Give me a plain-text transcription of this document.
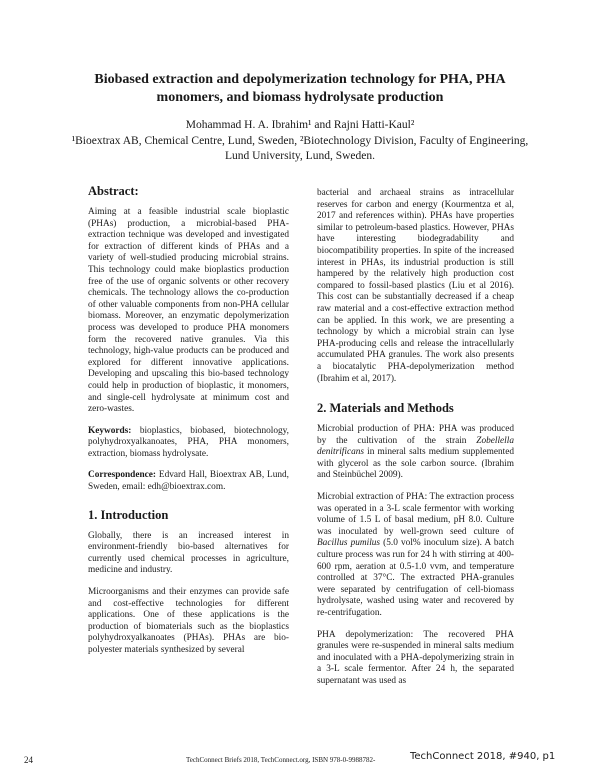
Biobased extraction and depolymerization technology for PHA, PHA monomers, and biomass hydrolysate production
Mohammad H. A. Ibrahim¹ and Rajni Hatti-Kaul²
¹Bioextrax AB, Chemical Centre, Lund, Sweden, ²Biotechnology Division, Faculty of Engineering, Lund University, Lund, Sweden.
Abstract:

Aiming at a feasible industrial scale bioplastic (PHAs) production, a microbial-based PHA-extraction technique was developed and investigated for extraction of different kinds of PHAs and a variety of well-studied producing microbial strains. This technology could make bioplastics production free of the use of organic solvents or other recovery chemicals. The technology allows the co-production of other valuable components from non-PHA cellular biomass. Moreover, an enzymatic depolymerization process was developed to produce PHA monomers form the recovered native granules. Via this technology, high-value products can be produced and explored for different innovative applications. Developing and upscaling this bio-based technology could help in production of bioplastic, it monomers, and single-cell hydrolysate at minimum cost and zero-wastes.

Keywords: bioplastics, biobased, biotechnology, polyhydroxyalkanoates, PHA, PHA monomers, extraction, biomass hydrolysate.

Correspondence: Edvard Hall, Bioextrax AB, Lund, Sweden, email: edh@bioextrax.com.

1. Introduction

Globally, there is an increased interest in environment-friendly bio-based alternatives for currently used chemical processes in agriculture, medicine and industry.

Microorganisms and their enzymes can provide safe and cost-effective technologies for different applications. One of these applications is the production of biomaterials such as the bioplastics polyhydroxyalkanoates (PHAs). PHAs are bio-polyester materials synthesized by several

bacterial and archaeal strains as intracellular reserves for carbon and energy (Kourmentza et al, 2017 and references within). PHAs have properties similar to petroleum-based plastics. However, PHAs have interesting biodegradability and biocompatibility properties. In spite of the increased interest in PHAs, its industrial production is still hampered by the relatively high production cost compared to fossil-based plastics (Liu et al 2016). This cost can be substantially decreased if a cheap raw material and a cost-effective extraction method can be applied. In this work, we are presenting a technology by which a microbial strain can lyse PHA-producing cells and release the intracellularly accumulated PHA granules. The work also presents a biocatalytic PHA-depolymerization method (Ibrahim et al, 2017).

2. Materials and Methods

Microbial production of PHA: PHA was produced by the cultivation of the strain Zobellella denitrificans in mineral salts medium supplemented with glycerol as the sole carbon source. (Ibrahim and Steinbüchel 2009).

Microbial extraction of PHA: The extraction process was operated in a 3-L scale fermentor with working volume of 1.5 L of basal medium, pH 8.0. Culture was inoculated by well-grown seed culture of Bacillus pumilus (5.0 vol% inoculum size). A batch culture process was run for 24 h with stirring at 400-600 rpm, aeration at 0.5-1.0 vvm, and temperature controlled at 37°C. The extracted PHA-granules were separated by centrifugation of cell-biomass hydrolysate, washed using water and recovered by re-centrifugation.

PHA depolymerization: The recovered PHA granules were re-suspended in mineral salts medium and inoculated with a PHA-depolymerizing strain in a 3-L scale fermentor. After 24 h, the separated supernatant was used as

24	TechConnect Briefs 2018, TechConnect.org, ISBN 978-0-9988782-	TechConnect 2018, #940, p1
